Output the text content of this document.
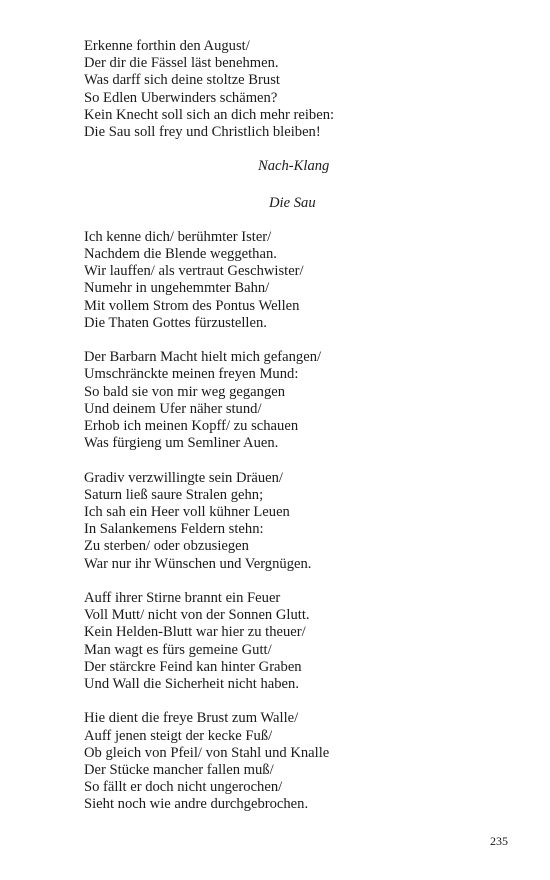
Erkenne forthin den August/
Der dir die Fässel läst benehmen.
Was darff sich deine stoltze Brust
So Edlen Uberwinders schämen?
Kein Knecht soll sich an dich mehr reiben:
Die Sau soll frey und Christlich bleiben!
Nach-Klang
Die Sau
Ich kenne dich/ berühmter Ister/
Nachdem die Blende weggethan.
Wir lauffen/ als vertraut Geschwister/
Numehr in ungehemmter Bahn/
Mit vollem Strom des Pontus Wellen
Die Thaten Gottes fürzustellen.
Der Barbarn Macht hielt mich gefangen/
Umschränckte meinen freyen Mund:
So bald sie von mir weg gegangen
Und deinem Ufer näher stund/
Erhob ich meinen Kopff/ zu schauen
Was fürgieng um Semliner Auen.
Gradiv verzwillingte sein Dräuen/
Saturn ließ saure Stralen gehn;
Ich sah ein Heer voll kühner Leuen
In Salankemens Feldern stehn:
Zu sterben/ oder obzusiegen
War nur ihr Wünschen und Vergnügen.
Auff ihrer Stirne brannt ein Feuer
Voll Mutt/ nicht von der Sonnen Glutt.
Kein Helden-Blutt war hier zu theuer/
Man wagt es fürs gemeine Gutt/
Der stärckre Feind kan hinter Graben
Und Wall die Sicherheit nicht haben.
Hie dient die freye Brust zum Walle/
Auff jenen steigt der kecke Fuß/
Ob gleich von Pfeil/ von Stahl und Knalle
Der Stücke mancher fallen muß/
So fällt er doch nicht ungerochen/
Sieht noch wie andre durchgebrochen.
235
